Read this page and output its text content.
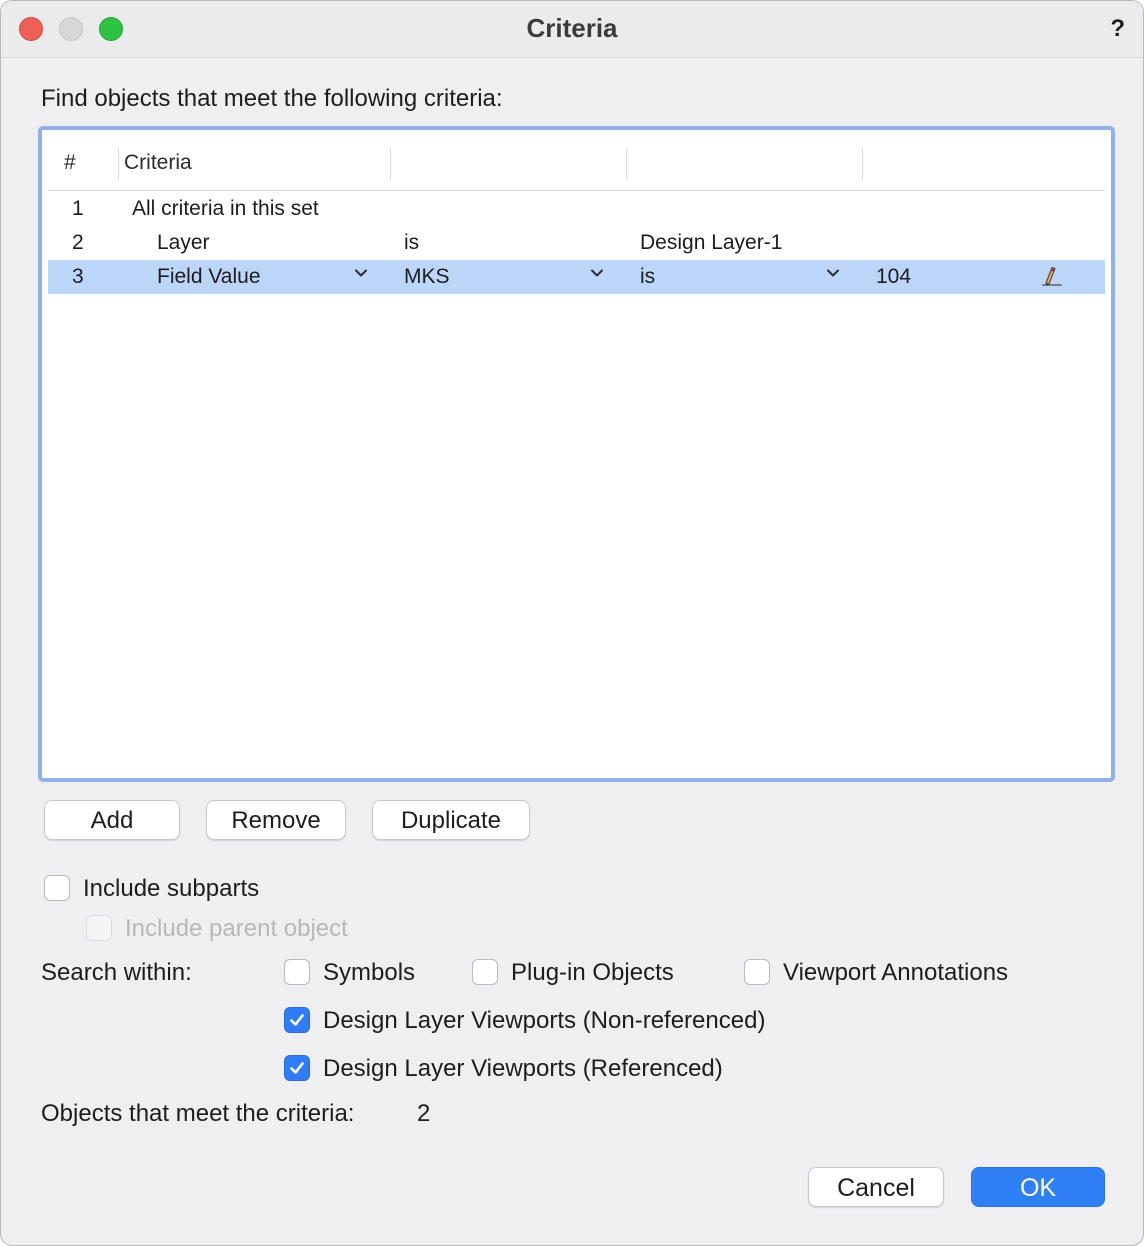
Criteria	?
Find objects that meet the following criteria:
# Criteria
1 All criteria in this set
2	Layer	is	Design Layer-1
3	Field Value	MKS	is	104
Add	Remove	Duplicate
Include subparts
Include parent object
Search within:	Symbols	Plug-in Objects	Viewport Annotations
Design Layer Viewports (Non-referenced)
Design Layer Viewports (Referenced)
Objects that meet the criteria:	2
Cancel	OK
